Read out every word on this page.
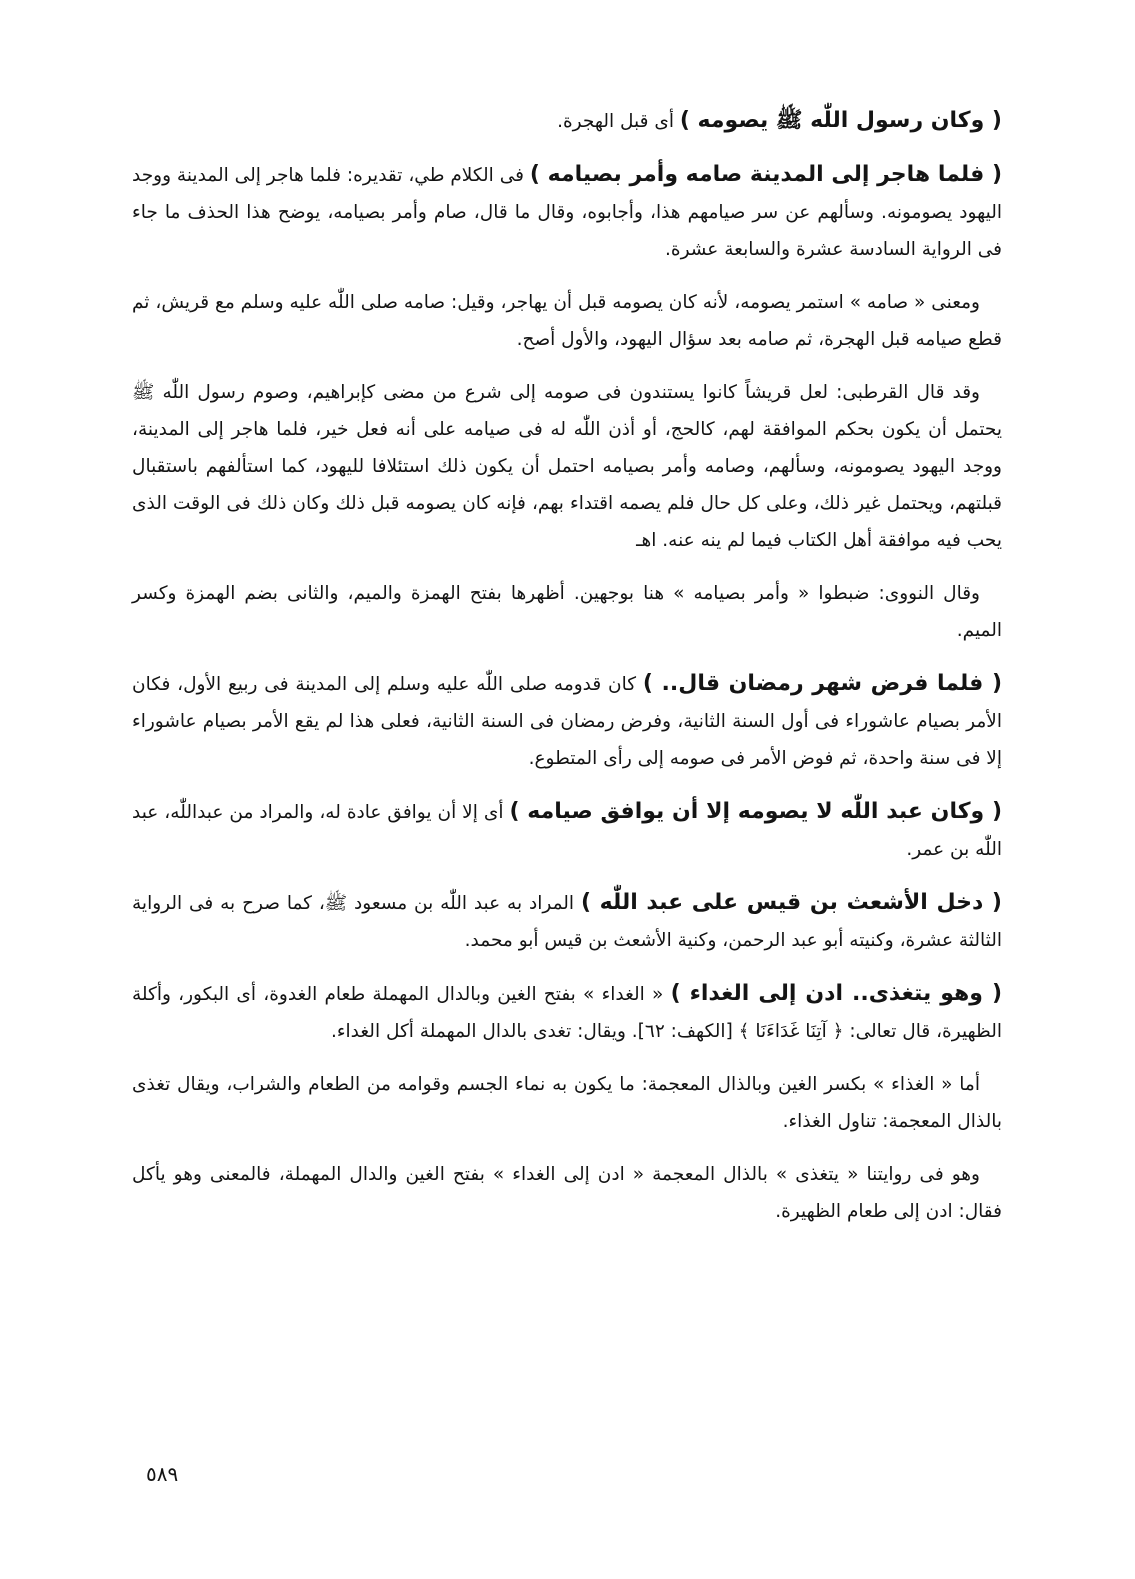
( وكان رسول اللّٰه ﷺ يصومه ) أى قبل الهجرة.

( فلما هاجر إلى المدينة صامه وأمر بصيامه ) فى الكلام طي، تقديره: فلما هاجر إلى المدينة ووجد اليهود يصومونه. وسألهم عن سر صيامهم هذا، وأجابوه، وقال ما قال، صام وأمر بصيامه، يوضح هذا الحذف ما جاء فى الرواية السادسة عشرة والسابعة عشرة.

ومعنى « صامه » استمر يصومه، لأنه كان يصومه قبل أن يهاجر، وقيل: صامه صلى اللّٰه عليه وسلم مع قريش، ثم قطع صيامه قبل الهجرة، ثم صامه بعد سؤال اليهود، والأول أصح.

وقد قال القرطبى: لعل قريشاً كانوا يستندون فى صومه إلى شرع من مضى كإبراهيم، وصوم رسول اللّٰه ﷺ يحتمل أن يكون بحكم الموافقة لهم، كالحج، أو أذن اللّٰه له فى صيامه على أنه فعل خير، فلما هاجر إلى المدينة، ووجد اليهود يصومونه، وسألهم، وصامه وأمر بصيامه احتمل أن يكون ذلك استئلافا لليهود، كما استألفهم باستقبال قبلتهم، ويحتمل غير ذلك، وعلى كل حال فلم يصمه اقتداء بهم، فإنه كان يصومه قبل ذلك وكان ذلك فى الوقت الذى يحب فيه موافقة أهل الكتاب فيما لم ينه عنه. اهـ

وقال النووى: ضبطوا « وأمر بصيامه » هنا بوجهين. أظهرها بفتح الهمزة والميم، والثانى بضم الهمزة وكسر الميم.

( فلما فرض شهر رمضان قال.. ) كان قدومه صلى اللّٰه عليه وسلم إلى المدينة فى ربيع الأول، فكان الأمر بصيام عاشوراء فى أول السنة الثانية، وفرض رمضان فى السنة الثانية، فعلى هذا لم يقع الأمر بصيام عاشوراء إلا فى سنة واحدة، ثم فوض الأمر فى صومه إلى رأى المتطوع.

( وكان عبد اللّٰه لا يصومه إلا أن يوافق صيامه ) أى إلا أن يوافق عادة له، والمراد من عبداللّٰه، عبد اللّٰه بن عمر.

( دخل الأشعث بن قيس على عبد اللّٰه ) المراد به عبد اللّٰه بن مسعود ﷺ، كما صرح به فى الرواية الثالثة عشرة، وكنيته أبو عبد الرحمن، وكنية الأشعث بن قيس أبو محمد.

( وهو يتغذى.. ادن إلى الغداء ) « الغداء » بفتح الغين وبالدال المهملة طعام الغدوة، أى البكور، وأكلة الظهيرة، قال تعالى: ﴿ آتِنَا غَدَاءَنَا ﴾ [الكهف: ٦٢]. ويقال: تغدى بالدال المهملة أكل الغداء.

أما « الغذاء » بكسر الغين وبالذال المعجمة: ما يكون به نماء الجسم وقوامه من الطعام والشراب، ويقال تغذى بالذال المعجمة: تناول الغذاء.

وهو فى روايتنا « يتغذى » بالذال المعجمة « ادن إلى الغداء » بفتح الغين والدال المهملة، فالمعنى وهو يأكل فقال: ادن إلى طعام الظهيرة.

٥٨٩
